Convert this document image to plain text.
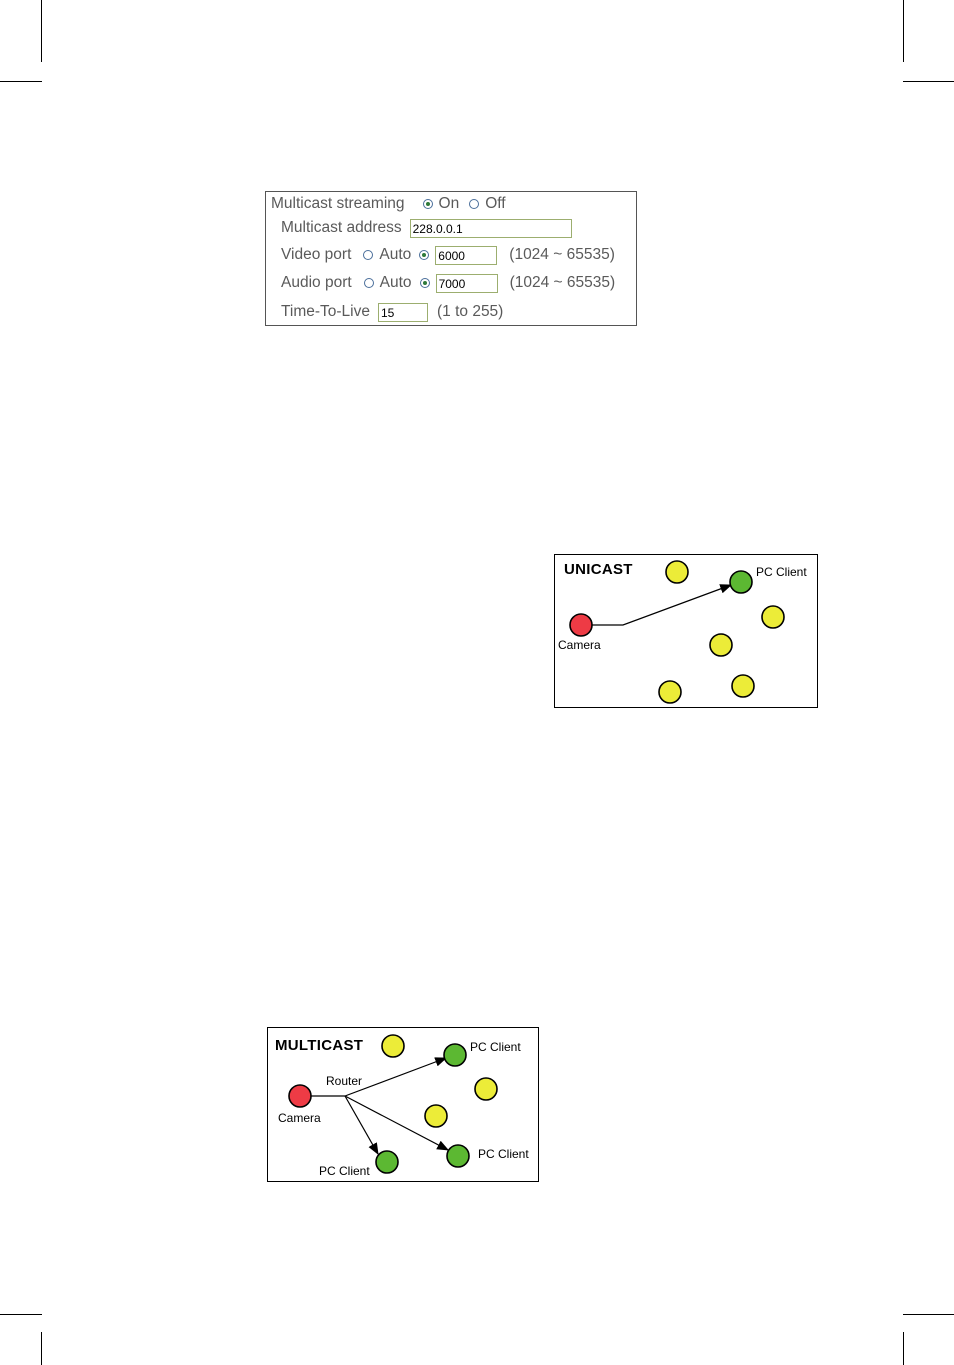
Multicast streaming On Off
Multicast address 228.0.0.1
Video port Auto 6000	(1024 ~ 65535)
Audio port Auto 7000	(1024 ~ 65535)
Time-To-Live 15	(1 to 255)
UNICAST
Camera
PC Client
MULTICAST
Camera
Router
PC Client
PC Client
PC Client
